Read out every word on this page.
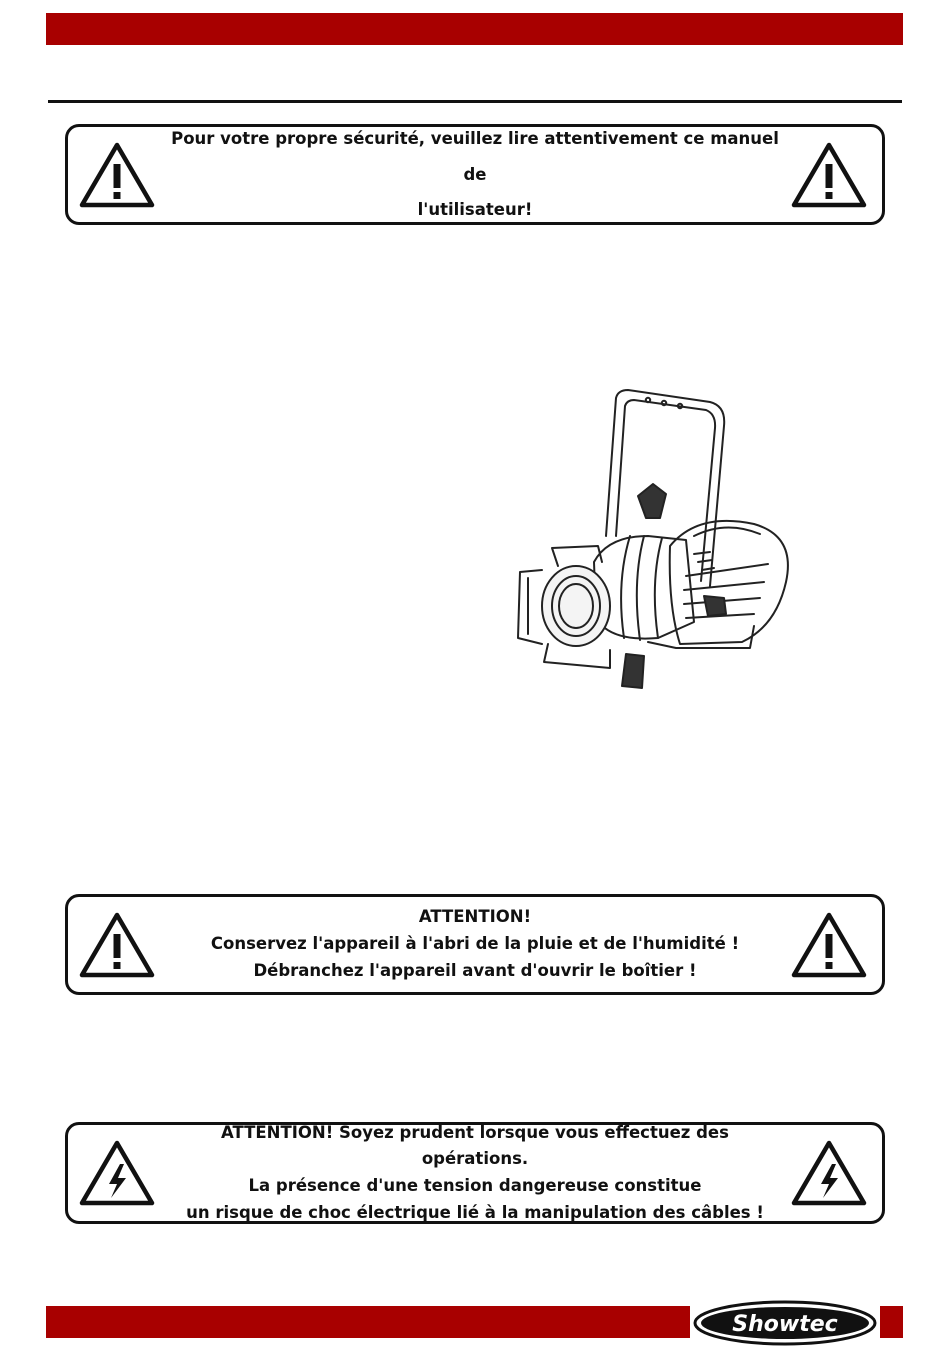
Pour votre propre sécurité, veuillez lire attentivement ce manuel de
l'utilisateur!
ATTENTION!
Conservez l'appareil à l'abri de la pluie et de l'humidité !
Débranchez l'appareil avant d'ouvrir le boîtier !
ATTENTION! Soyez prudent lorsque vous effectuez des opérations.
La présence d'une tension dangereuse constitue
un risque de choc électrique lié à la manipulation des câbles !
Showtec
